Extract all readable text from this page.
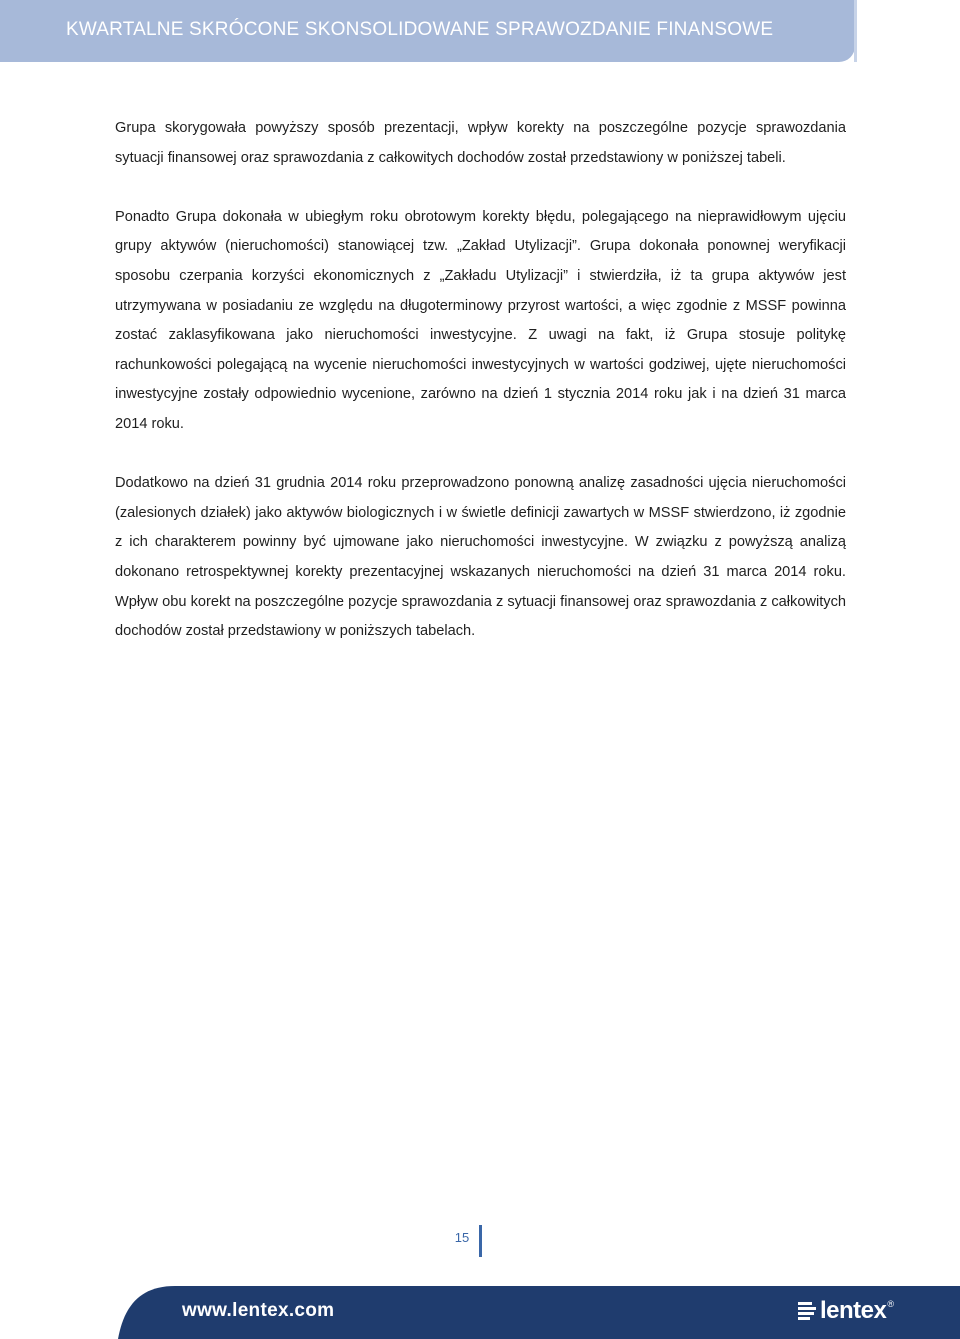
KWARTALNE SKRÓCONE SKONSOLIDOWANE SPRAWOZDANIE FINANSOWE

Grupa skorygowała powyższy sposób prezentacji, wpływ korekty na poszczególne pozycje sprawozdania sytuacji finansowej oraz sprawozdania z całkowitych dochodów został przedstawiony w poniższej tabeli.

Ponadto Grupa dokonała w ubiegłym roku obrotowym korekty błędu, polegającego na nieprawidłowym ujęciu grupy aktywów (nieruchomości) stanowiącej tzw. „Zakład Utylizacji”. Grupa dokonała ponownej weryfikacji sposobu czerpania korzyści ekonomicznych z „Zakładu Utylizacji” i stwierdziła, iż ta grupa aktywów jest utrzymywana w posiadaniu ze względu na długoterminowy przyrost wartości, a więc zgodnie z MSSF powinna zostać zaklasyfikowana jako nieruchomości inwestycyjne. Z uwagi na fakt, iż Grupa stosuje politykę rachunkowości polegającą na wycenie nieruchomości inwestycyjnych w wartości godziwej, ujęte nieruchomości inwestycyjne zostały odpowiednio wycenione, zarówno na dzień 1 stycznia 2014 roku jak i na dzień 31 marca 2014 roku.

Dodatkowo na dzień 31 grudnia 2014 roku przeprowadzono ponowną analizę zasadności ujęcia nieruchomości (zalesionych działek) jako aktywów biologicznych i w świetle definicji zawartych w MSSF stwierdzono, iż zgodnie z ich charakterem powinny być ujmowane jako nieruchomości inwestycyjne. W związku z powyższą analizą dokonano retrospektywnej korekty prezentacyjnej wskazanych nieruchomości na dzień 31 marca 2014 roku. Wpływ obu korekt na poszczególne pozycje sprawozdania z sytuacji finansowej oraz sprawozdania z całkowitych dochodów został przedstawiony w poniższych tabelach.

15
www.lentex.com	lentex ®
